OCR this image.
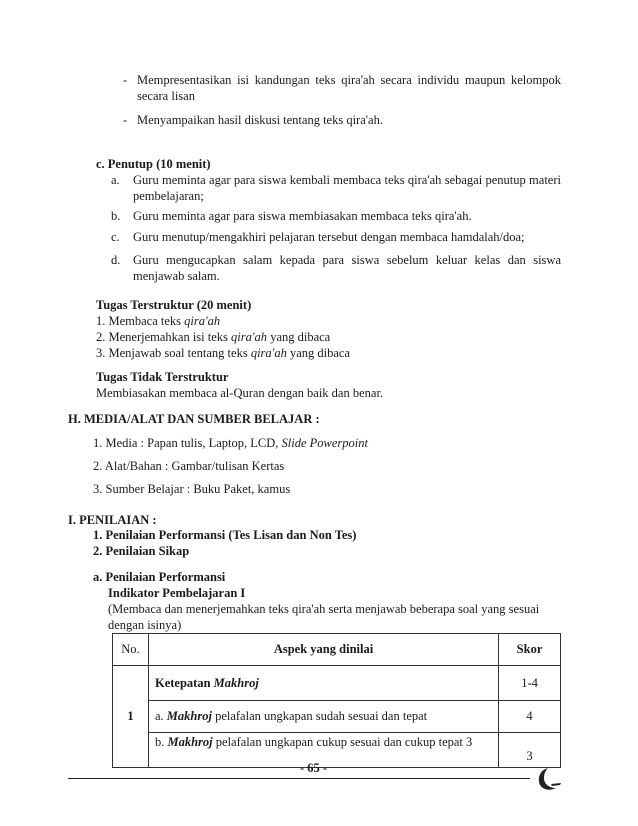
- Mempresentasikan isi kandungan teks qira'ah secara individu maupun kelompok
secara lisan
- Menyampaikan hasil diskusi tentang teks qira'ah.
c. Penutup (10 menit)
a. Guru meminta agar para siswa kembali membaca teks qira'ah sebagai penutup materi
pembelajaran;
b. Guru meminta agar para siswa membiasakan membaca teks qira'ah.
c. Guru menutup/mengakhiri pelajaran tersebut dengan membaca hamdalah/doa;
d. Guru mengucapkan salam kepada para siswa sebelum keluar kelas dan siswa
menjawab salam.
Tugas Terstruktur (20 menit)
1. Membaca teks qira'ah
2. Menerjemahkan isi teks qira'ah yang dibaca
3. Menjawab soal tentang teks qira'ah yang dibaca
Tugas Tidak Terstruktur
Membiasakan membaca al-Quran dengan baik dan benar.
H. MEDIA/ALAT DAN SUMBER BELAJAR :
1. Media : Papan tulis, Laptop, LCD, Slide Powerpoint
2. Alat/Bahan : Gambar/tulisan Kertas
3. Sumber Belajar : Buku Paket, kamus
I. PENILAIAN :
1. Penilaian Performansi (Tes Lisan dan Non Tes)
2. Penilaian Sikap
a. Penilaian Performansi
Indikator Pembelajaran I
(Membaca dan menerjemahkan teks qira'ah serta menjawab beberapa soal yang sesuai
dengan isinya)
No.	Aspek yang dinilai	Skor
1	Ketepatan Makhroj	1-4
	a. Makhroj pelafalan ungkapan sudah sesuai dan tepat	4
	b. Makhroj pelafalan ungkapan cukup sesuai dan cukup tepat 3	3
- 65 -
